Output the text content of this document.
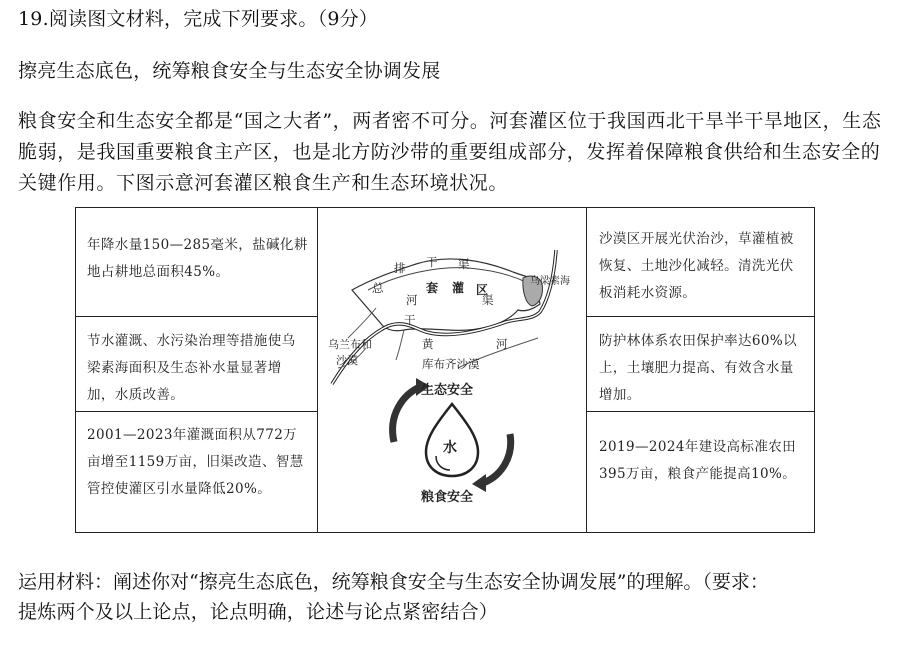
19.阅读图文材料，完成下列要求。（9分）
擦亮生态底色，统筹粮食安全与生态安全协调发展
粮食安全和生态安全都是“国之大者”，两者密不可分。河套灌区位于我国西北干旱半干旱地区，生态脆弱，是我国重要粮食主产区，也是北方防沙带的重要组成部分，发挥着保障粮食供给和生态安全的关键作用。下图示意河套灌区粮食生产和生态环境状况。
年降水量150—285毫米，盐碱化耕地占耕地总面积45%。
节水灌溉、水污染治理等措施使乌梁素海面积及生态补水量显著增加，水质改善。
2001—2023年灌溉面积从772万亩增至1159万亩，旧渠改造、智慧管控使灌区引水量降低20%。
沙漠区开展光伏治沙，草灌植被恢复、土地沙化减轻。清洗光伏板消耗水资源。
防护林体系农田保护率达60%以上，土壤肥力提高、有效含水量增加。
2019—2024年建设高标准农田395万亩，粮食产能提高10%。
排 干 渠
总
河
干
渠
乌梁素海
乌兰布和
沙漠
黄	河
库布齐沙漠
套 灌 区
水
生态安全
粮食安全
运用材料：阐述你对“擦亮生态底色，统筹粮食安全与生态安全协调发展”的理解。（要求：
提炼两个及以上论点，论点明确，论述与论点紧密结合）
